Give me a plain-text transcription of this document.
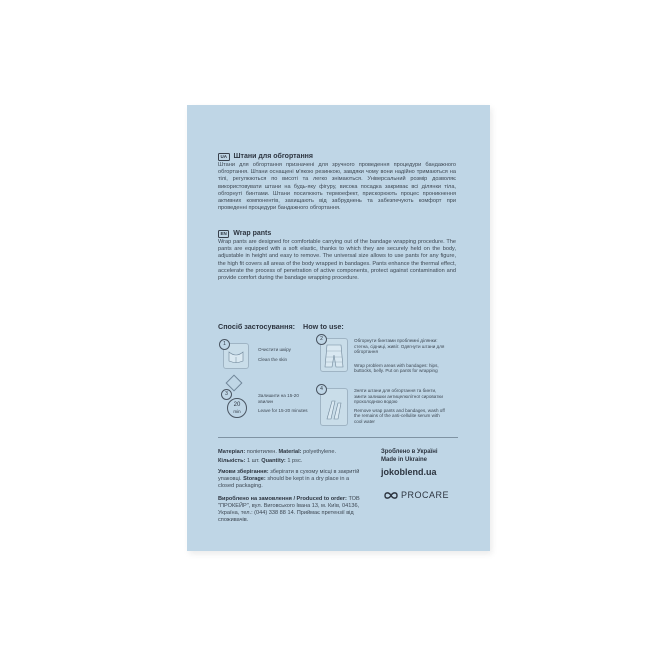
UA Штани для обгортання
Штани для обгортання призначені для зручного проведення процедури бандажного обгортання. Штани оснащені м'якою резинкою, завдяки чому вони надійно тримаються на тілі, регулюються по висоті та легко знімаються. Універсальний розмір дозволяє використовувати штани на будь-яку фігуру, висока посадка закриває всі ділянки тіла, обгорнуті бинтами. Штани посилюють термоефект, прискорюють процес проникнення активних компонентів, захищають від забруднень та забезпечують комфорт при проведенні процедури бандажного обгортання.
EN Wrap pants
Wrap pants are designed for comfortable carrying out of the bandage wrapping procedure. The pants are equipped with a soft elastic, thanks to which they are securely held on the body, adjustable in height and easy to remove. The universal size allows to use pants for any figure, the high fit covers all areas of the body wrapped in bandages. Pants enhance the thermal effect, accelerate the process of penetration of active components, protect against contamination and provide comfort during the bandage wrapping procedure.
Спосіб застосування: How to use:
1
Очистити шкіру
Clean the skin
2	Обгорнути бинтами проблемні ділянки: стегна, сідниці, живіт. Одягнути штани для обгортання
Wrap problem areas with bandages: hips, buttocks, belly. Put on pants for wrapping
3
20
min
Залишити на 15-20 хвилин
Leave for 15-20 minutes
4	Зняти штани для обгортання та бинти, змити залишки антицелюлітної сироватки прохолодною водою
Remove wrap pants and bandages, wash off the remains of the anti-cellulite serum with cool water
Матеріал: поліетилен. Material: polyethylene.
Кількість: 1 шт. Quantity: 1 psc.
Умови зберігання: зберігати в сухому місці в закритій упаковці. Storage: should be kept in a dry place in a closed packaging.
Вироблено на замовлення / Produced to order: ТОВ "ПРОКЕЙР", вул. Виговського Івана 13, м. Київ, 04136, Україна, тел.: (044) 338 88 14. Приймає претензії від споживачів.
Зроблено в Україні
Made in Ukraine
jokoblend.ua
PROCARE
